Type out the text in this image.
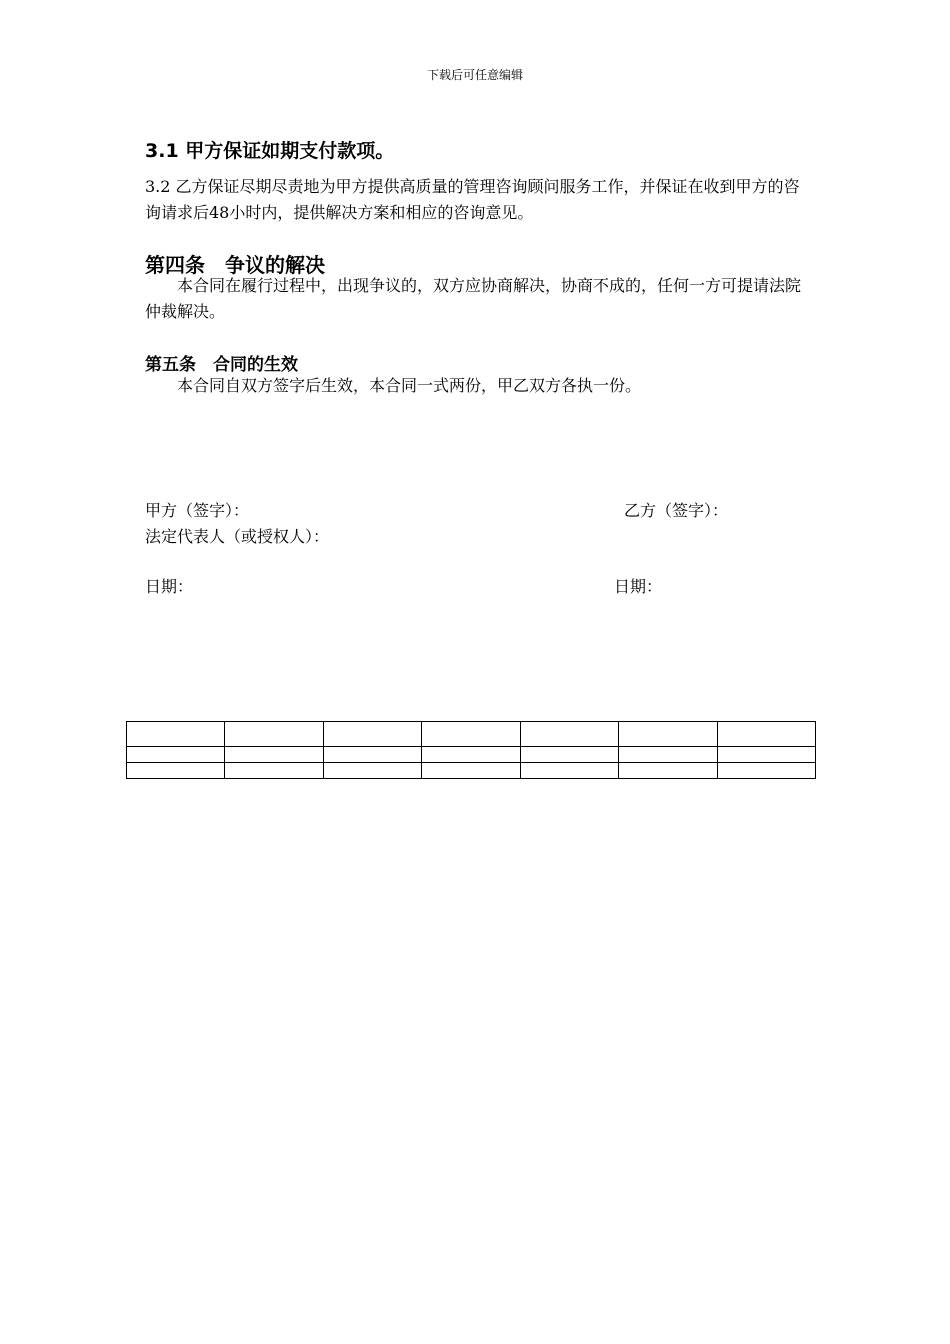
下载后可任意编辑
3.1 甲方保证如期支付款项。
3.2 乙方保证尽期尽责地为甲方提供高质量的管理咨询顾问服务工作，并保证在收到甲方的咨询请求后48小时内，提供解决方案和相应的咨询意见。
第四条　争议的解决
本合同在履行过程中，出现争议的，双方应协商解决，协商不成的，任何一方可提请法院仲裁解决。
第五条　合同的生效
本合同自双方签字后生效，本合同一式两份，甲乙双方各执一份。
甲方（签字）：	乙方（签字）：
法定代表人（或授权人）：
日期：	日期：
